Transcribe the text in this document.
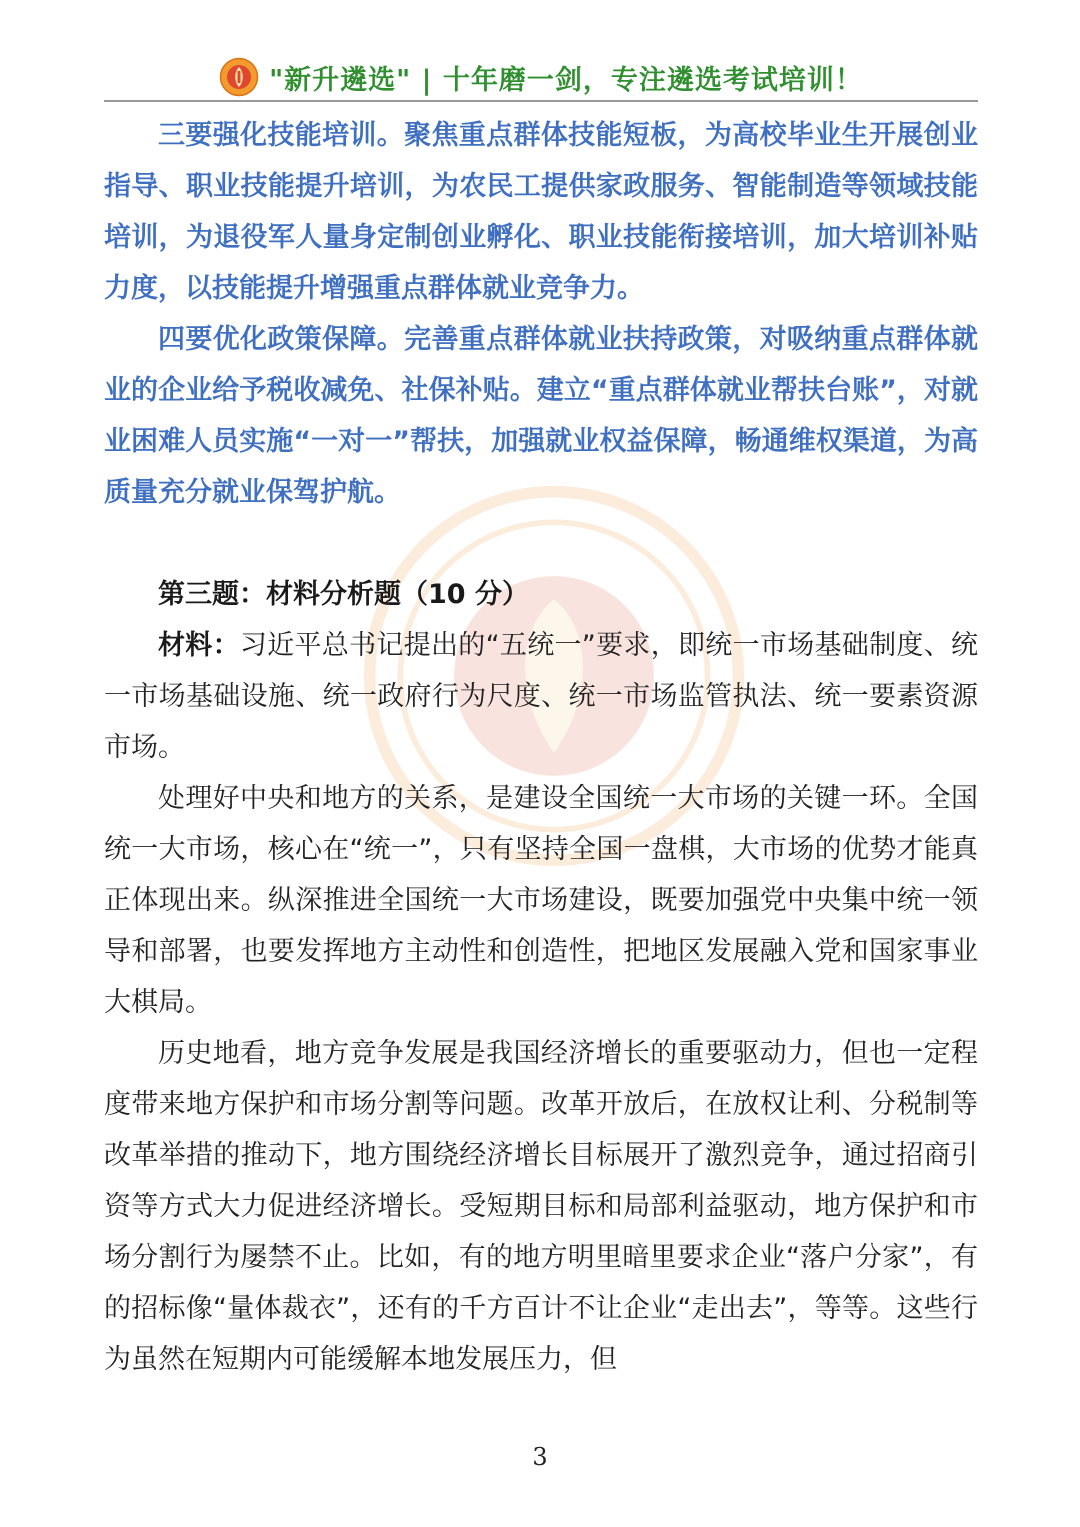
"新升遴选" | 十年磨一剑，专注遴选考试培训！

三要强化技能培训。聚焦重点群体技能短板，为高校毕业生开展创业指导、职业技能提升培训，为农民工提供家政服务、智能制造等领域技能培训，为退役军人量身定制创业孵化、职业技能衔接培训，加大培训补贴力度，以技能提升增强重点群体就业竞争力。

四要优化政策保障。完善重点群体就业扶持政策，对吸纳重点群体就业的企业给予税收减免、社保补贴。建立“重点群体就业帮扶台账”，对就业困难人员实施“一对一”帮扶，加强就业权益保障，畅通维权渠道，为高质量充分就业保驾护航。

第三题：材料分析题（10 分）

材料：习近平总书记提出的“五统一”要求，即统一市场基础制度、统一市场基础设施、统一政府行为尺度、统一市场监管执法、统一要素资源市场。

处理好中央和地方的关系，是建设全国统一大市场的关键一环。全国统一大市场，核心在“统一”，只有坚持全国一盘棋，大市场的优势才能真正体现出来。纵深推进全国统一大市场建设，既要加强党中央集中统一领导和部署，也要发挥地方主动性和创造性，把地区发展融入党和国家事业大棋局。

历史地看，地方竞争发展是我国经济增长的重要驱动力，但也一定程度带来地方保护和市场分割等问题。改革开放后，在放权让利、分税制等改革举措的推动下，地方围绕经济增长目标展开了激烈竞争，通过招商引资等方式大力促进经济增长。受短期目标和局部利益驱动，地方保护和市场分割行为屡禁不止。比如，有的地方明里暗里要求企业“落户分家”，有的招标像“量体裁衣”，还有的千方百计不让企业“走出去”，等等。这些行为虽然在短期内可能缓解本地发展压力，但

3
